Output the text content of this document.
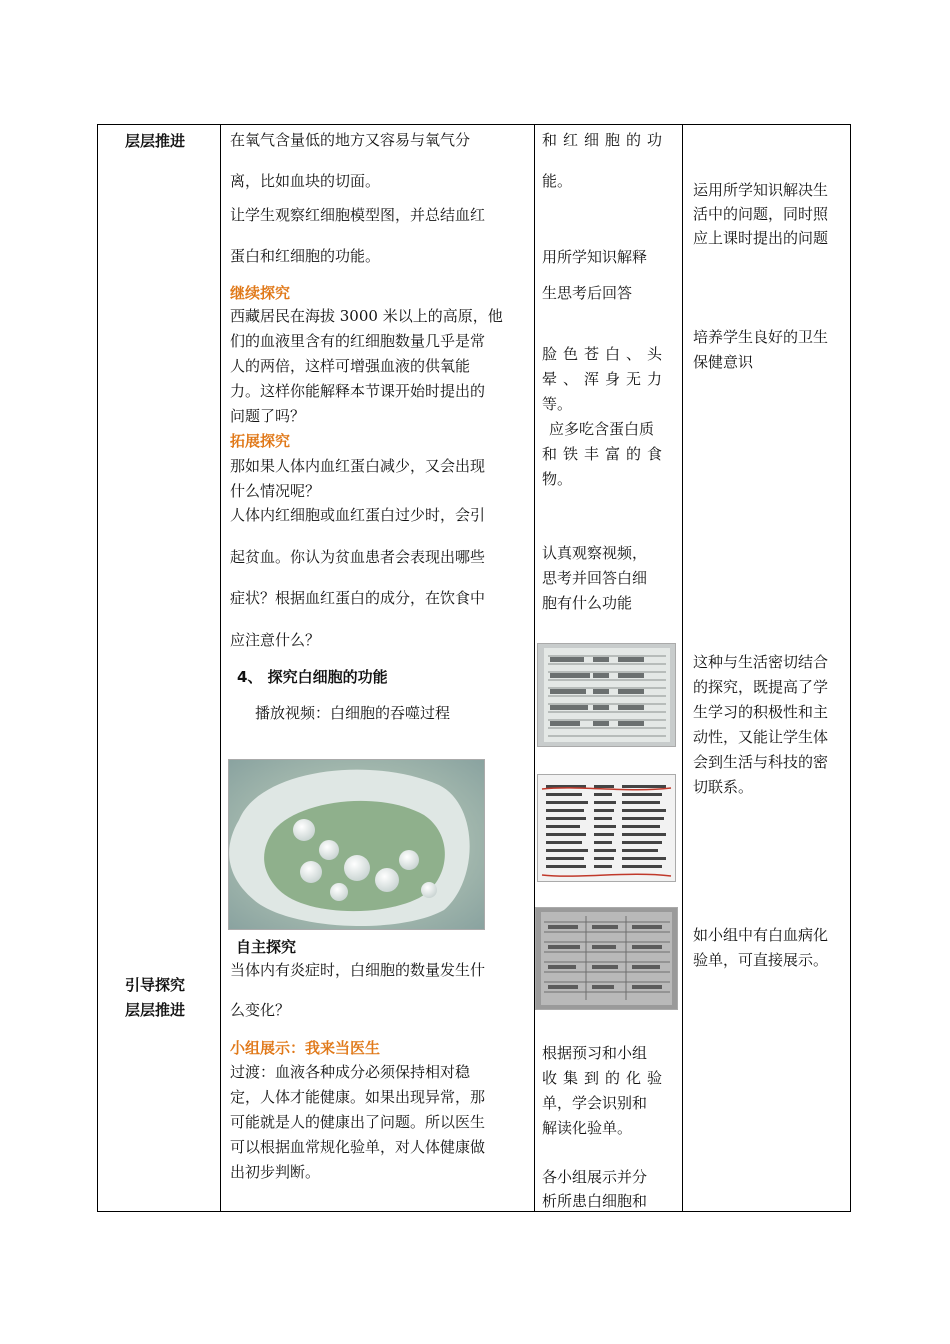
层层推进
引导探究
层层推进
在氧气含量低的地方又容易与氧气分
离，比如血块的切面。
让学生观察红细胞模型图，并总结血红
蛋白和红细胞的功能。
继续探究
西藏居民在海拔 3000 米以上的高原，他
们的血液里含有的红细胞数量几乎是常
人的两倍，这样可增强血液的供氧能
力。这样你能解释本节课开始时提出的
问题了吗？
拓展探究
那如果人体内血红蛋白减少，又会出现
什么情况呢？
人体内红细胞或血红蛋白过少时，会引
起贫血。你认为贫血患者会表现出哪些
症状？根据血红蛋白的成分，在饮食中
应注意什么？
4、 探究白细胞的功能
播放视频：白细胞的吞噬过程
自主探究
当体内有炎症时，白细胞的数量发生什
么变化？
小组展示：我来当医生
过渡：血液各种成分必须保持相对稳
定，人体才能健康。如果出现异常，那
可能就是人的健康出了问题。所以医生
可以根据血常规化验单，对人体健康做
出初步判断。
和红细胞的功
能。
用所学知识解释
生思考后回答
脸色苍白、头
晕、浑身无力
等。
应多吃含蛋白质
和铁丰富的食
物。
认真观察视频，
思考并回答白细
胞有什么功能
根据预习和小组
收集到的化验
单，学会识别和
解读化验单。
各小组展示并分
析所患白细胞和
运用所学知识解决生
活中的问题，同时照
应上课时提出的问题
培养学生良好的卫生
保健意识
这种与生活密切结合
的探究，既提高了学
生学习的积极性和主
动性，又能让学生体
会到生活与科技的密
切联系。
如小组中有白血病化
验单，可直接展示。
